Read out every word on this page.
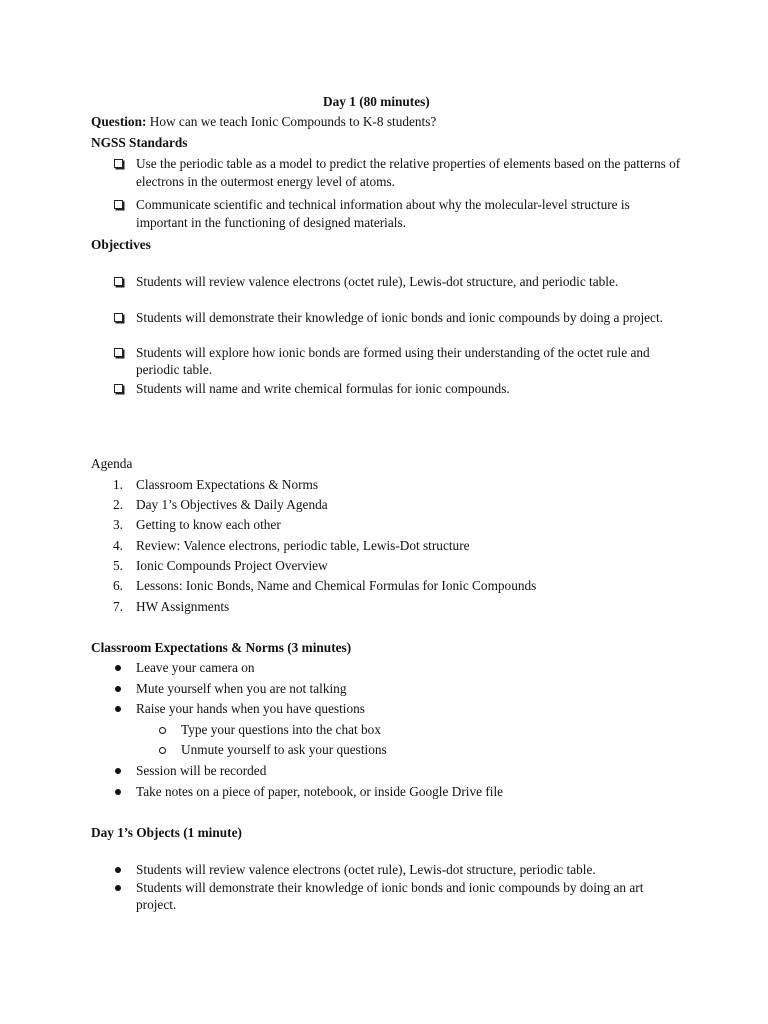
Day 1 (80 minutes)
Question: How can we teach Ionic Compounds to K-8 students?
NGSS Standards
Use the periodic table as a model to predict the relative properties of elements based on the patterns of electrons in the outermost energy level of atoms.
Communicate scientific and technical information about why the molecular-level structure is important in the functioning of designed materials.
Objectives
Students will review valence electrons (octet rule), Lewis-dot structure, and periodic table.
Students will demonstrate their knowledge of ionic bonds and ionic compounds by doing a project.
Students will explore how ionic bonds are formed using their understanding of the octet rule and periodic table.
Students will name and write chemical formulas for ionic compounds.
Agenda
1. Classroom Expectations & Norms
2. Day 1’s Objectives & Daily Agenda
3. Getting to know each other
4. Review: Valence electrons, periodic table, Lewis-Dot structure
5. Ionic Compounds Project Overview
6. Lessons: Ionic Bonds, Name and Chemical Formulas for Ionic Compounds
7. HW Assignments
Classroom Expectations & Norms (3 minutes)
Leave your camera on
Mute yourself when you are not talking
Raise your hands when you have questions
Type your questions into the chat box
Unmute yourself to ask your questions
Session will be recorded
Take notes on a piece of paper, notebook, or inside Google Drive file
Day 1’s Objects (1 minute)
Students will review valence electrons (octet rule), Lewis-dot structure, periodic table.
Students will demonstrate their knowledge of ionic bonds and ionic compounds by doing an art project.
